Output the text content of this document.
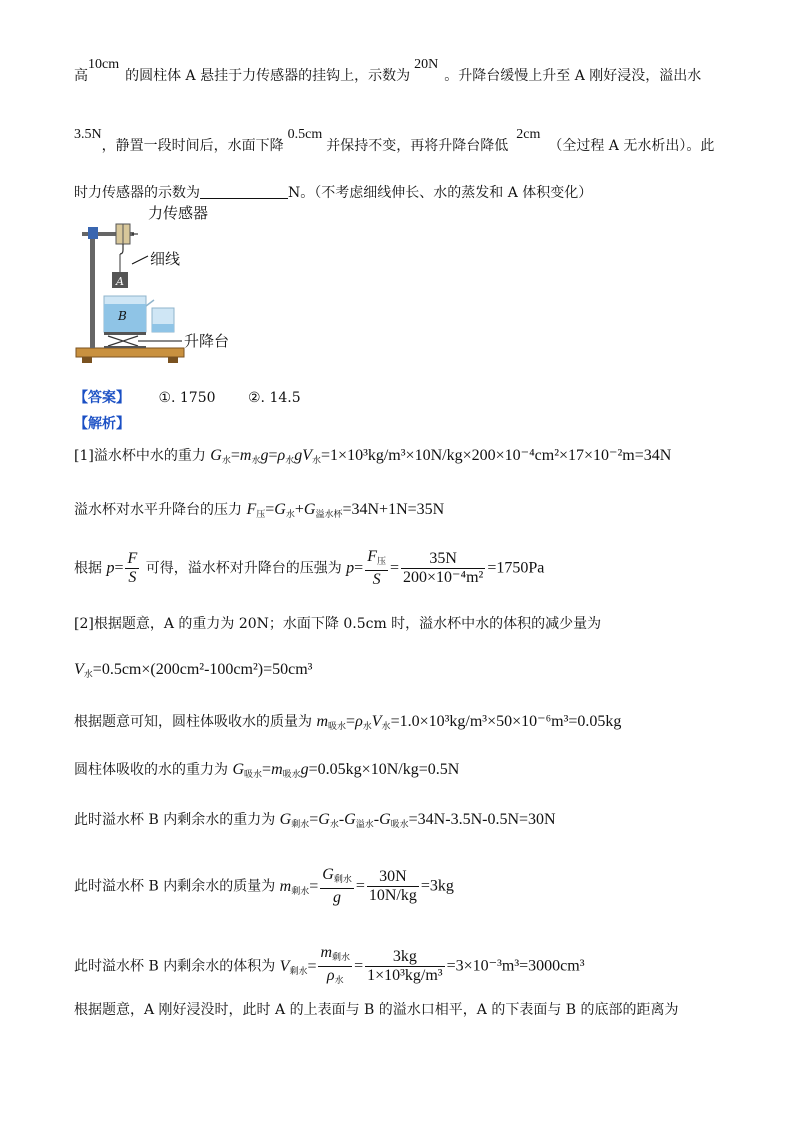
高10cm的圆柱体 A 悬挂于力传感器的挂钩上，示数为20N。升降台缓慢上升至 A 刚好浸没，溢出水
3.5N，静置一段时间后，水面下降0.5cm并保持不变，再将升降台降低2cm（全过程 A 无水析出）。此
时力传感器的示数为	N。（不考虑细线伸长、水的蒸发和 A 体积变化）
A
B
力传感器
细线
升降台
【答案】 ①. 1750 ②. 14.5
【解析】
[1]溢水杯中水的重力 $G_水=m_水g=\rho_水gV_水=1\times 10^3kg/m^3\times 10N/kg\times 200\times 10^{-4}cm^2\times 17\times 10^{-2}m=34N$
溢水杯对水平升降台的压力 $F_压=G_水+G_{溢水杯}=34N+1N=35N$
根据 $p= \frac{F}{S}$ 可得，溢水杯对升降台的压强为 $p= \frac{F_压}{S} = \frac{35N}{\text{200×10⁻⁴m²}} =1750Pa$
[2]根据题意，A 的重力为 20N；水面下降 0.5cm 时，溢水杯中水的体积的减少量为
$V_水=0.5cm\times(200cm^2-100cm^2)=50cm^3$
根据题意可知，圆柱体吸收水的质量为 $m_{吸水}=\rho_水V_水=1.0\times 10^3kg/m^3\times 50\times 10^{-6}m^3=0.05kg$
圆柱体吸收的水的重力为 $G_{吸水}=m_{吸水}g=0.05kg\times 10N/kg=0.5N$
此时溢水杯 B 内剩余水的重力为 $G_{剩水}=G_水-G_{溢水}-G_{吸水}=34N-3.5N-0.5N=30N$
此时溢水杯 B 内剩余水的质量为 $m_{剩水}= \frac{G_{剩水}}{g} = \frac{30N}{10N/kg} =3kg$
此时溢水杯 B 内剩余水的体积为 $V_{剩水}= \frac{m_{剩水}}{\rho_水} = \frac{3kg}{\text{1×10³kg/m³}} =3\times 10^{-3}m^3=3000cm^3$
根据题意，A 刚好浸没时，此时 A 的上表面与 B 的溢水口相平，A 的下表面与 B 的底部的距离为
